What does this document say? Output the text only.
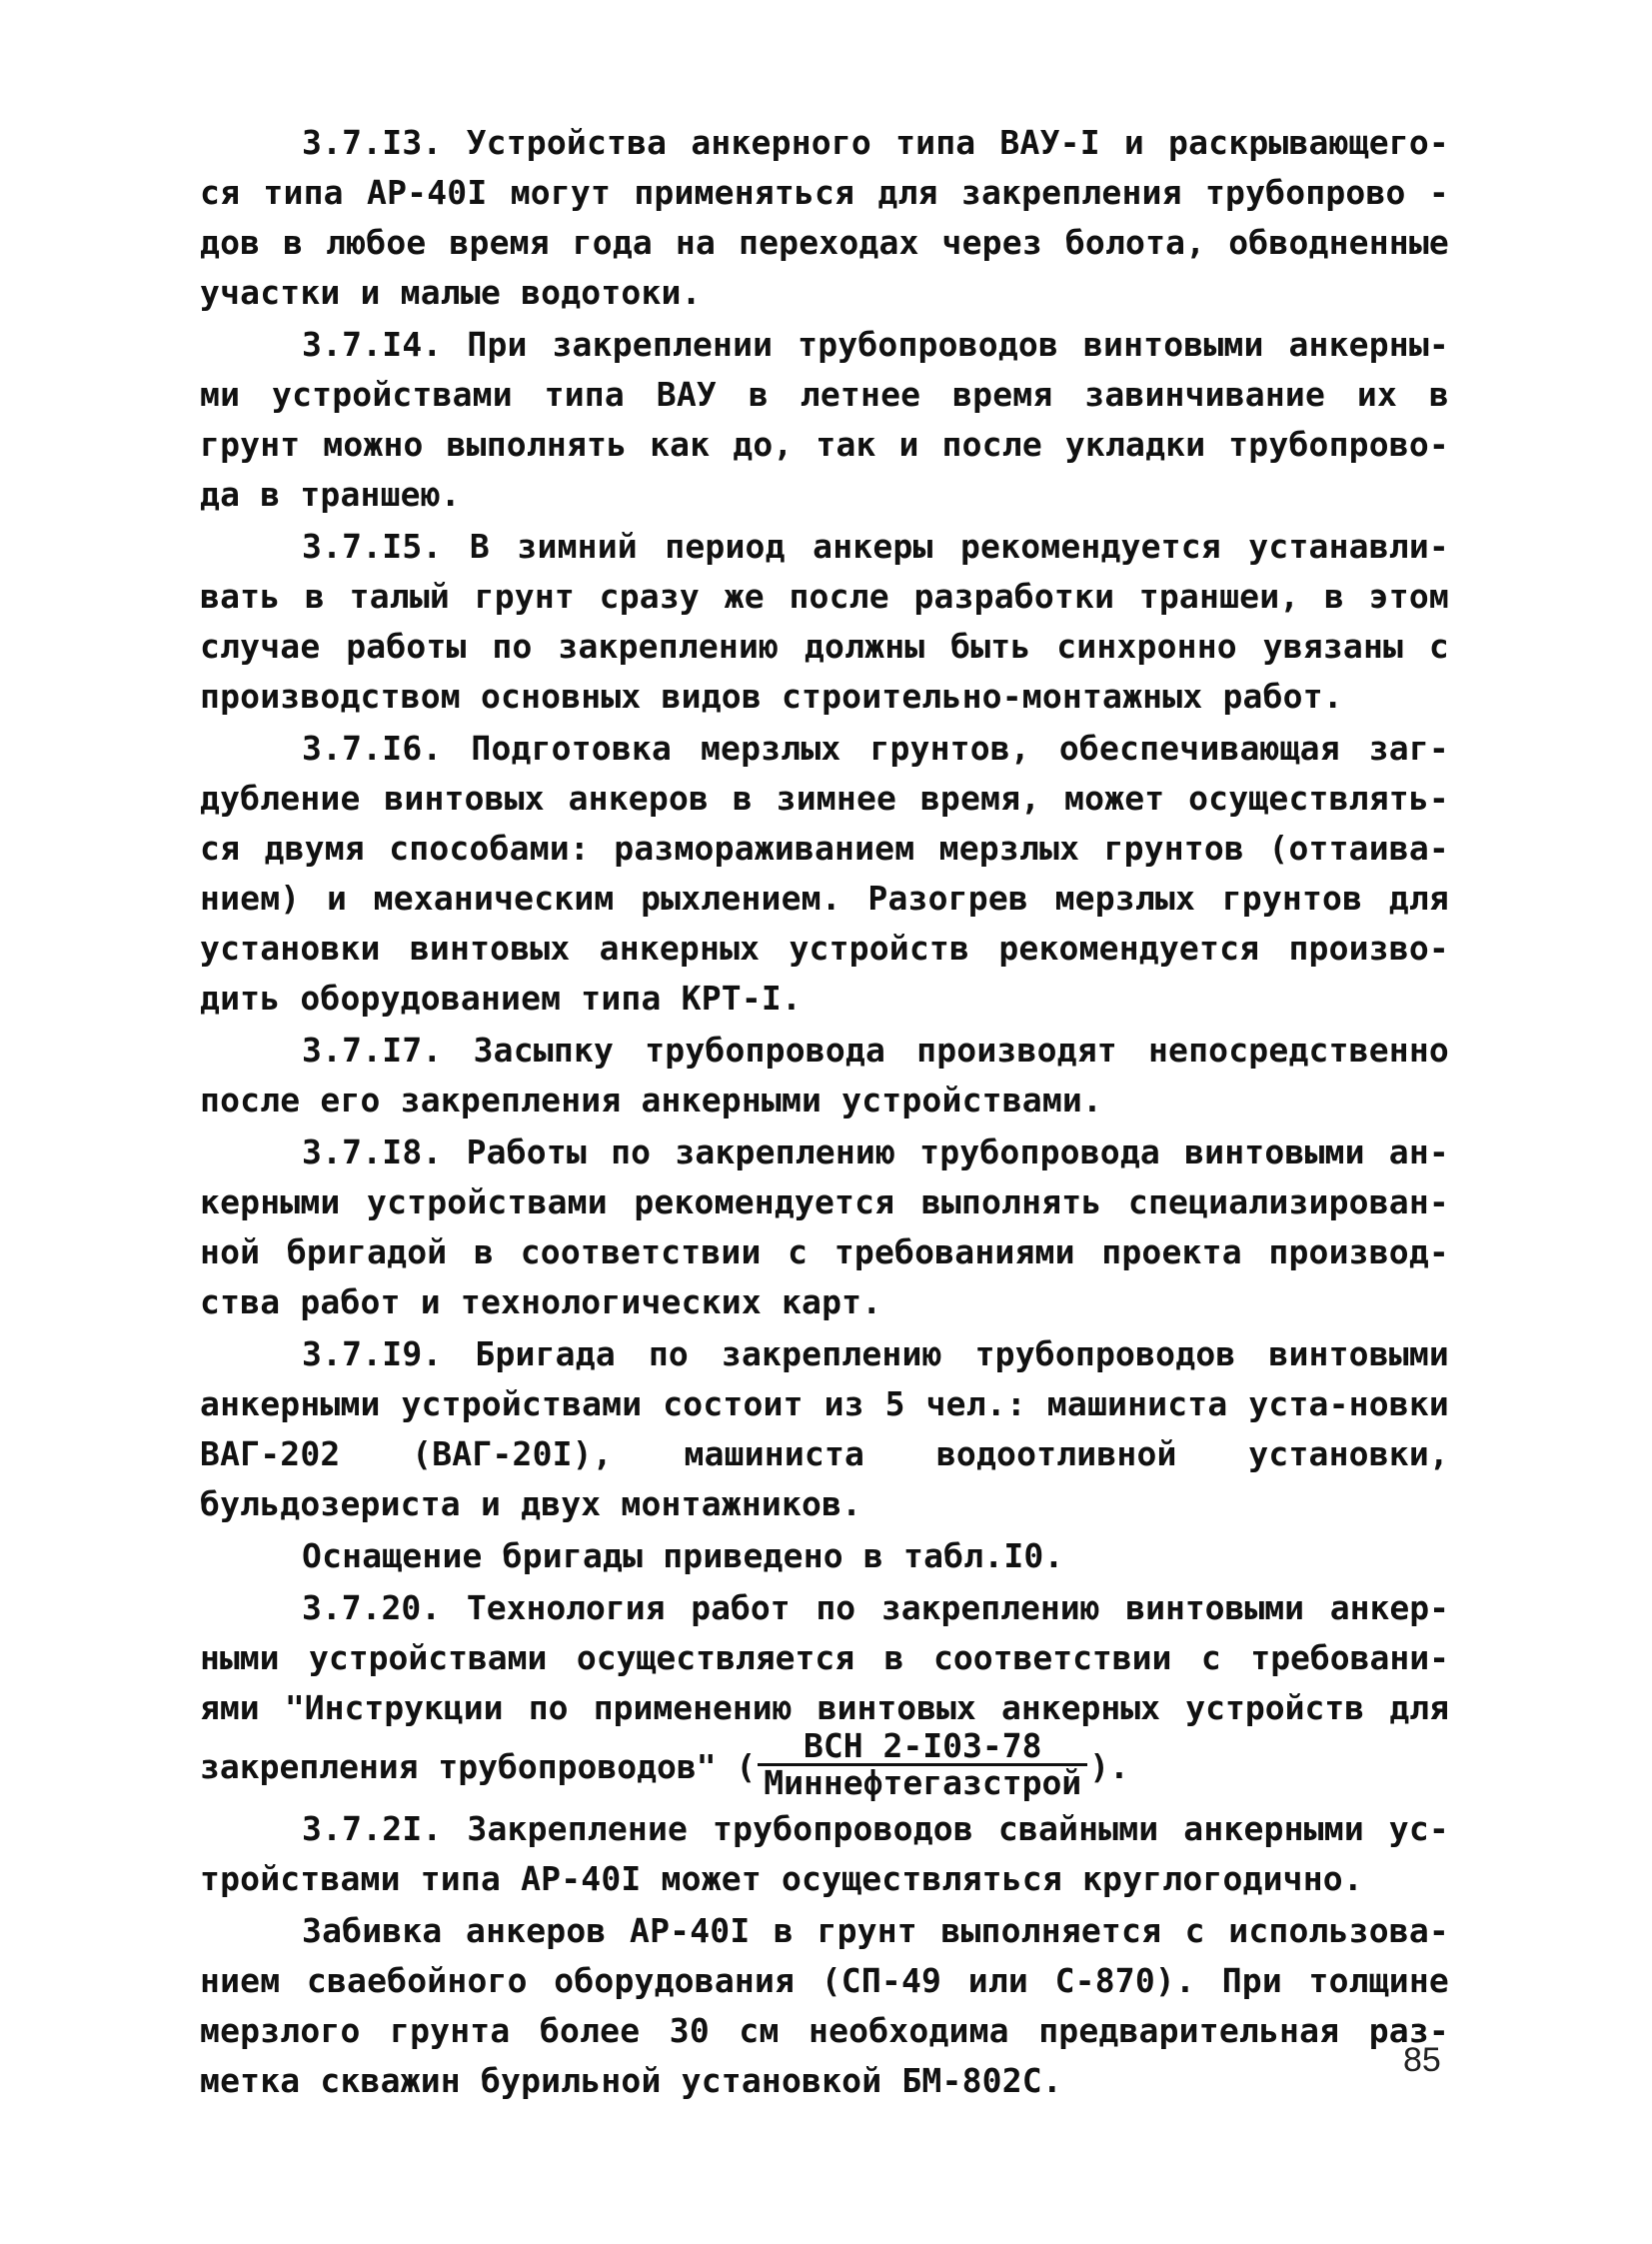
3.7.I3. Устройства анкерного типа ВАУ-I и раскрывающего-ся типа АР-40I могут применяться для закрепления трубопрово - дов в любое время года на переходах через болота, обводненные участки и малые водотоки.

3.7.I4. При закреплении трубопроводов винтовыми анкерны-ми устройствами типа ВАУ в летнее время завинчивание их в грунт можно выполнять как до, так и после укладки трубопрово-да в траншею.

3.7.I5. В зимний период анкеры рекомендуется устанавли-вать в талый грунт сразу же после разработки траншеи, в этом случае работы по закреплению должны быть синхронно увязаны с производством основных видов строительно-монтажных работ.

3.7.I6. Подготовка мерзлых грунтов, обеспечивающая заг-дубление винтовых анкеров в зимнее время, может осуществлять-ся двумя способами: размораживанием мерзлых грунтов (оттаива-нием) и механическим рыхлением. Разогрев мерзлых грунтов для установки винтовых анкерных устройств рекомендуется произво-дить оборудованием типа КРТ-I.

3.7.I7. Засыпку трубопровода производят непосредственно после его закрепления анкерными устройствами.

3.7.I8. Работы по закреплению трубопровода винтовыми ан-керными устройствами рекомендуется выполнять специализирован-ной бригадой в соответствии с требованиями проекта производ-ства работ и технологических карт.

3.7.I9. Бригада по закреплению трубопроводов винтовыми анкерными устройствами состоит из 5 чел.: машиниста уста-новки ВАГ-202 (ВАГ-20I), машиниста водоотливной установки, бульдозериста и двух монтажников.

Оснащение бригады приведено в табл.I0.

3.7.20. Технология работ по закреплению винтовыми анкер-ными устройствами осуществляется в соответствии с требовани-ями "Инструкции по применению винтовых анкерных устройств для закрепления трубопроводов" ( $\frac{\text{ВСН 2-I03-78}}{\text{Миннефтегазстрой}}$ ).

3.7.2I. Закрепление трубопроводов свайными анкерными ус-тройствами типа АР-40I может осуществляться круглогодично.

Забивка анкеров АР-40I в грунт выполняется с использова-нием сваебойного оборудования (СП-49 или С-870). При толщине мерзлого грунта более 30 см необходима предварительная раз-метка скважин бурильной установкой БМ-802С.

85
